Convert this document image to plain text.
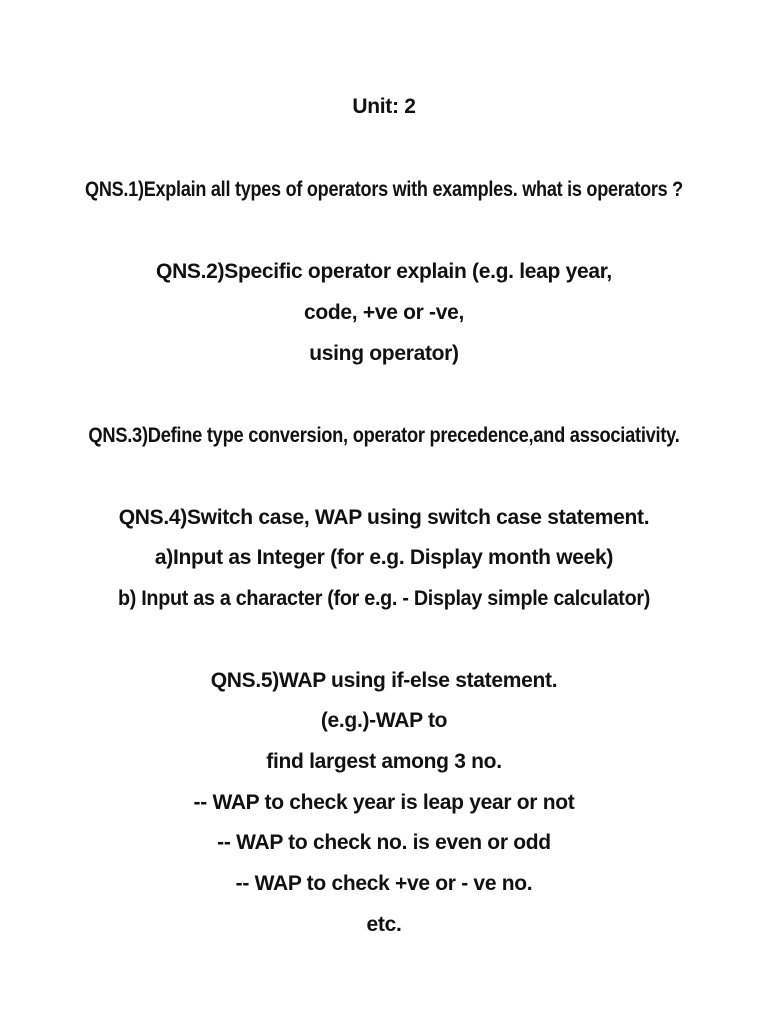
Unit: 2
QNS.1)Explain all types of operators with examples. what is operators ?
QNS.2)Specific operator explain (e.g. leap year,
code, +ve or -ve,
using operator)
QNS.3)Define type conversion, operator precedence,and associativity.
QNS.4)Switch case, WAP using switch case statement.
a)Input as Integer (for e.g. Display month week)
b) Input as a character (for e.g. - Display simple calculator)
QNS.5)WAP using if-else statement.
(e.g.)-WAP to
find largest among 3 no.
-- WAP to check year is leap year or not
-- WAP to check no. is even or odd
-- WAP to check +ve or - ve no.
etc.
